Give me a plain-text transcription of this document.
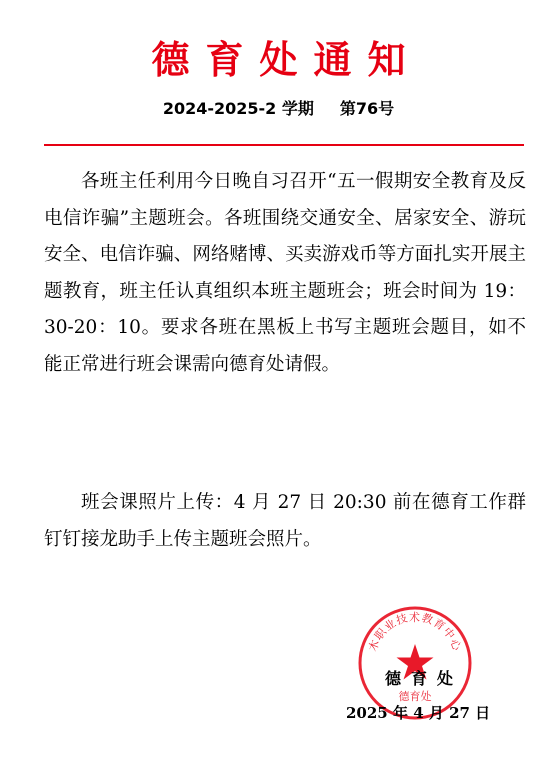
德育处通知
2024-2025-2 学期 第76号

各班主任利用今日晚自习召开“五一假期安全教育及反电信诈骗”主题班会。各班围绕交通安全、居家安全、游玩安全、电信诈骗、网络赌博、买卖游戏币等方面扎实开展主题教育，班主任认真组织本班主题班会；班会时间为 19：30-20：10。要求各班在黑板上书写主题班会题目，如不能正常进行班会课需向德育处请假。

班会课照片上传：4 月 27 日 20:30 前在德育工作群钉钉接龙助手上传主题班会照片。

木职业技术教育中心
德育处
德育处
2025 年 4 月 27 日
